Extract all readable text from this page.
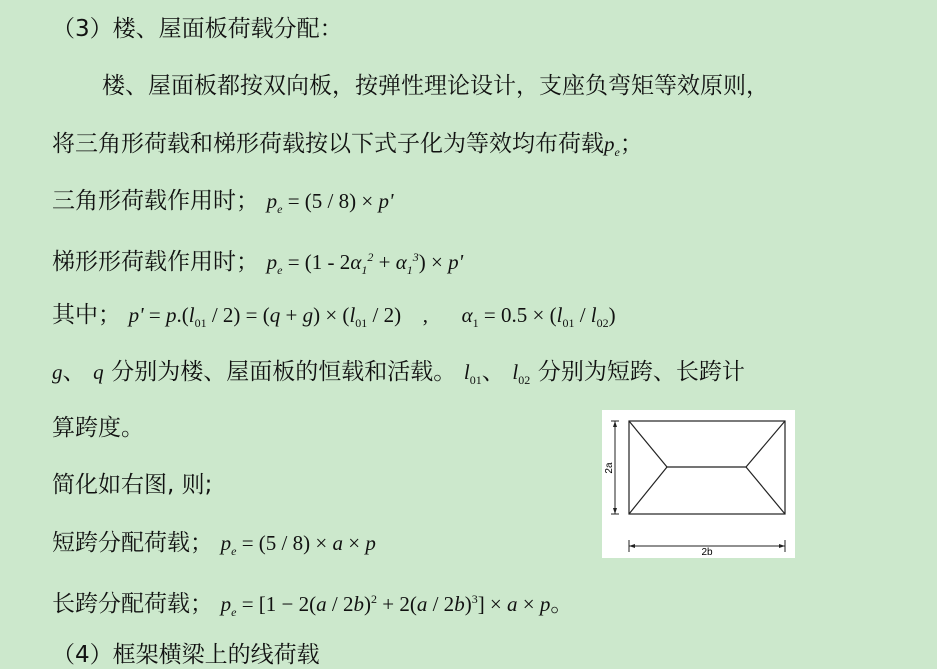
（3）楼、屋面板荷载分配：
楼、屋面板都按双向板，按弹性理论设计，支座负弯矩等效原则，
将三角形荷载和梯形荷载按以下式子化为等效均布荷载$p_e$；
三角形荷载作用时； $p_e = (5 / 8) \times p'$
梯形形荷载作用时； $p_e = (1 - 2\alpha_1^2 + \alpha_1^3) \times p'$
其中； $p' = p.(l_{01} / 2) = (q + g) \times (l_{01} / 2)$ , $\alpha_1 = 0.5 \times (l_{01} / l_{02})$
g、 q 分别为楼、屋面板的恒载和活载。 $l_{01}$、 $l_{02}$ 分别为短跨、长跨计
算跨度。
简化如右图, 则;
短跨分配荷载； $p_e = (5 / 8) \times a \times p$
长跨分配荷载； $p_e = [1 - 2(a / 2b)^2 + 2(a / 2b)^3] \times a \times p$。
（4）框架横梁上的线荷载
2a
2b
